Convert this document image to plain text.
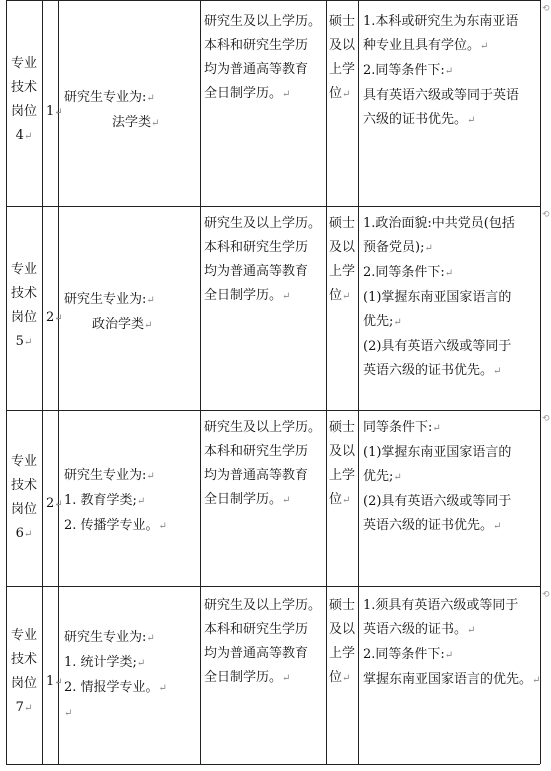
专业
技术
岗位
4↵
1↵
研究生专业为:↵
法学类↵
研究生及以上学历。
本科和研究生学历
均为普通高等教育
全日制学历。↵
硕士
及以
上学
位↵
1.本科或研究生为东南亚语
种专业且具有学位。↵
2.同等条件下:↵
具有英语六级或等同于英语
六级的证书优先。↵
专业
技术
岗位
5↵
2↵
研究生专业为:↵
政治学类↵
研究生及以上学历。
本科和研究生学历
均为普通高等教育
全日制学历。↵
硕士
及以
上学
位↵
1.政治面貌:中共党员(包括
预备党员);↵
2.同等条件下:↵
(1)掌握东南亚国家语言的
优先;↵
(2)具有英语六级或等同于
英语六级的证书优先。↵
专业
技术
岗位
6↵
2↵
研究生专业为:↵
1. 教育学类;↵
2. 传播学专业。↵
研究生及以上学历。
本科和研究生学历
均为普通高等教育
全日制学历。↵
硕士
及以
上学
位↵
同等条件下:↵
(1)掌握东南亚国家语言的
优先;↵
(2)具有英语六级或等同于
英语六级的证书优先。↵
专业
技术
岗位
7↵
1↵
研究生专业为:↵
1. 统计学类;↵
2. 情报学专业。↵
↵
研究生及以上学历。
本科和研究生学历
均为普通高等教育
全日制学历。↵
硕士
及以
上学
位↵
1.须具有英语六级或等同于
英语六级的证书。↵
2.同等条件下:↵
掌握东南亚国家语言的优先。↵
⟲
⟲
⟲
⟲
